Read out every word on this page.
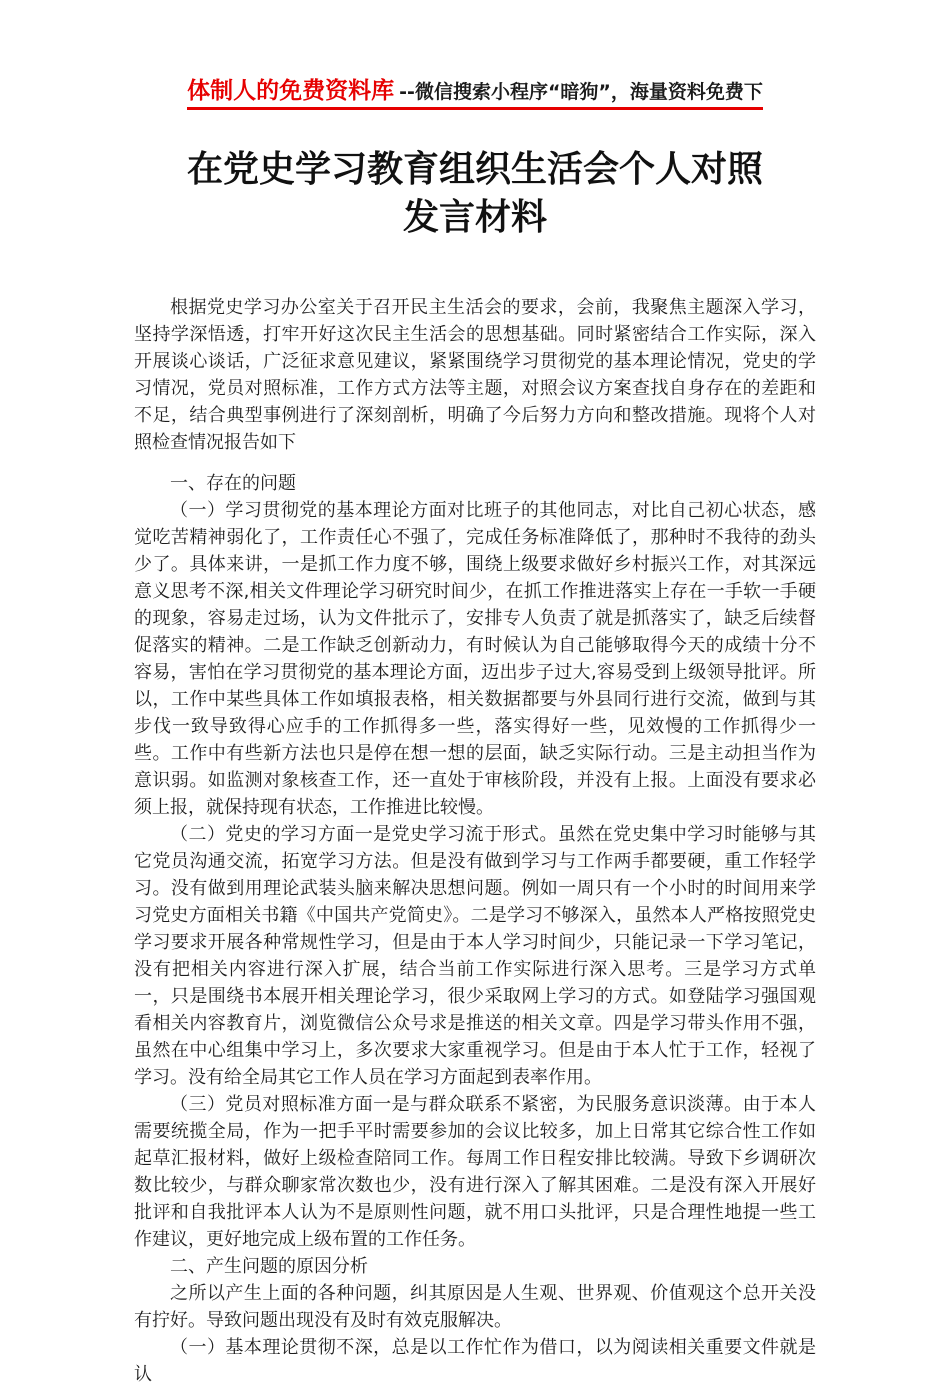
体制人的免费资料库 --微信搜索小程序“暗狗”，海量资料免费下
在党史学习教育组织生活会个人对照发言材料

根据党史学习办公室关于召开民主生活会的要求，会前，我聚焦主题深入学习，坚持学深悟透，打牢开好这次民主生活会的思想基础。同时紧密结合工作实际，深入开展谈心谈话，广泛征求意见建议，紧紧围绕学习贯彻党的基本理论情况，党史的学习情况，党员对照标准，工作方式方法等主题，对照会议方案查找自身存在的差距和不足，结合典型事例进行了深刻剖析，明确了今后努力方向和整改措施。现将个人对照检查情况报告如下

一、存在的问题

（一）学习贯彻党的基本理论方面对比班子的其他同志，对比自己初心状态，感觉吃苦精神弱化了，工作责任心不强了，完成任务标准降低了，那种时不我待的劲头少了。具体来讲，一是抓工作力度不够，围绕上级要求做好乡村振兴工作，对其深远意义思考不深,相关文件理论学习研究时间少，在抓工作推进落实上存在一手软一手硬的现象，容易走过场，认为文件批示了，安排专人负责了就是抓落实了，缺乏后续督促落实的精神。二是工作缺乏创新动力，有时候认为自己能够取得今天的成绩十分不容易，害怕在学习贯彻党的基本理论方面，迈出步子过大,容易受到上级领导批评。所以，工作中某些具体工作如填报表格，相关数据都要与外县同行进行交流，做到与其步伐一致导致得心应手的工作抓得多一些，落实得好一些，见效慢的工作抓得少一些。工作中有些新方法也只是停在想一想的层面，缺乏实际行动。三是主动担当作为意识弱。如监测对象核查工作，还一直处于审核阶段，并没有上报。上面没有要求必须上报，就保持现有状态，工作推进比较慢。

（二）党史的学习方面一是党史学习流于形式。虽然在党史集中学习时能够与其它党员沟通交流，拓宽学习方法。但是没有做到学习与工作两手都要硬，重工作轻学习。没有做到用理论武装头脑来解决思想问题。例如一周只有一个小时的时间用来学习党史方面相关书籍《中国共产党简史》。二是学习不够深入，虽然本人严格按照党史学习要求开展各种常规性学习，但是由于本人学习时间少，只能记录一下学习笔记，没有把相关内容进行深入扩展，结合当前工作实际进行深入思考。三是学习方式单一，只是围绕书本展开相关理论学习，很少采取网上学习的方式。如登陆学习强国观看相关内容教育片，浏览微信公众号求是推送的相关文章。四是学习带头作用不强，虽然在中心组集中学习上，多次要求大家重视学习。但是由于本人忙于工作，轻视了学习。没有给全局其它工作人员在学习方面起到表率作用。

（三）党员对照标准方面一是与群众联系不紧密，为民服务意识淡薄。由于本人需要统揽全局，作为一把手平时需要参加的会议比较多，加上日常其它综合性工作如起草汇报材料，做好上级检查陪同工作。每周工作日程安排比较满。导致下乡调研次数比较少，与群众聊家常次数也少，没有进行深入了解其困难。二是没有深入开展好批评和自我批评本人认为不是原则性问题，就不用口头批评，只是合理性地提一些工作建议，更好地完成上级布置的工作任务。

二、产生问题的原因分析

之所以产生上面的各种问题，纠其原因是人生观、世界观、价值观这个总开关没有拧好。导致问题出现没有及时有效克服解决。

（一）基本理论贯彻不深，总是以工作忙作为借口，以为阅读相关重要文件就是认
